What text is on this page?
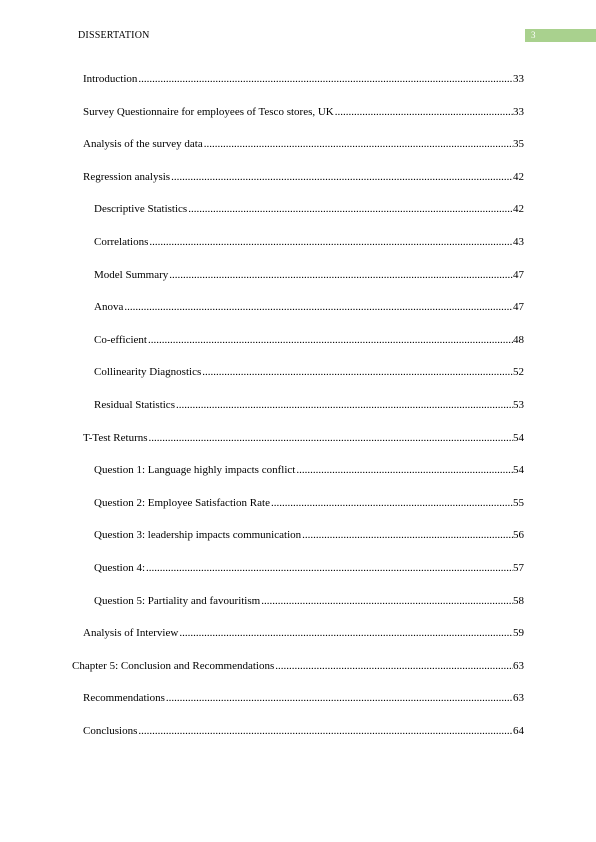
DISSERTATION	3
Introduction .....	33
Survey Questionnaire for employees of Tesco stores, UK .....	33
Analysis of the survey data .....	35
Regression analysis .....	42
Descriptive Statistics .....	42
Correlations .....	43
Model Summary .....	47
Anova .....	47
Co-efficient .....	48
Collinearity Diagnostics .....	52
Residual Statistics .....	53
T-Test Returns .....	54
Question 1: Language highly impacts conflict .....	54
Question 2: Employee Satisfaction Rate .....	55
Question 3: leadership impacts communication .....	56
Question 4: .....	57
Question 5: Partiality and favouritism .....	58
Analysis of Interview .....	59
Chapter 5: Conclusion and Recommendations .....	63
Recommendations .....	63
Conclusions .....	64
